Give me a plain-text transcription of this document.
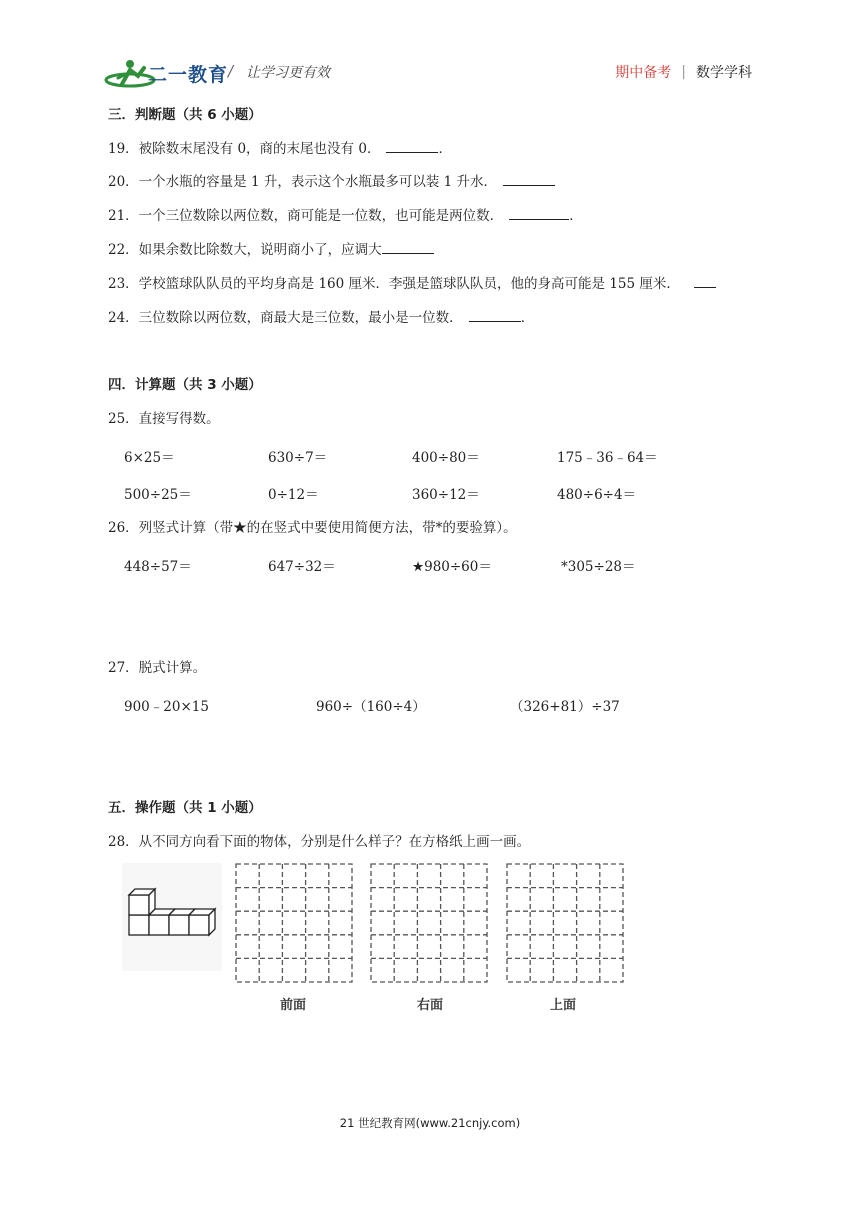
二一教育 / 让学习更有效	期中备考 | 数学学科
三．判断题（共 6 小题）
19．被除数末尾没有 0，商的末尾也没有 0．	．
20．一个水瓶的容量是 1 升，表示这个水瓶最多可以装 1 升水．
21．一个三位数除以两位数，商可能是一位数，也可能是两位数．	．
22．如果余数比除数大，说明商小了，应调大
23．学校篮球队队员的平均身高是 160 厘米．李强是篮球队队员，他的身高可能是 155 厘米．
24．三位数除以两位数，商最大是三位数，最小是一位数．	．
四．计算题（共 3 小题）
25．直接写得数。
6×25＝	630÷7＝	400÷80＝	175﹣36﹣64＝
500÷25＝	0÷12＝	360÷12＝	480÷6÷4＝
26．列竖式计算（带★的在竖式中要使用简便方法，带*的要验算）。
448÷57＝	647÷32＝	★980÷60＝	*305÷28＝
27．脱式计算。
900﹣20×15	960÷（160÷4）	（326+81）÷37
五．操作题（共 1 小题）
28．从不同方向看下面的物体，分别是什么样子？在方格纸上画一画。
前面	右面	上面
21 世纪教育网(www.21cnjy.com)
